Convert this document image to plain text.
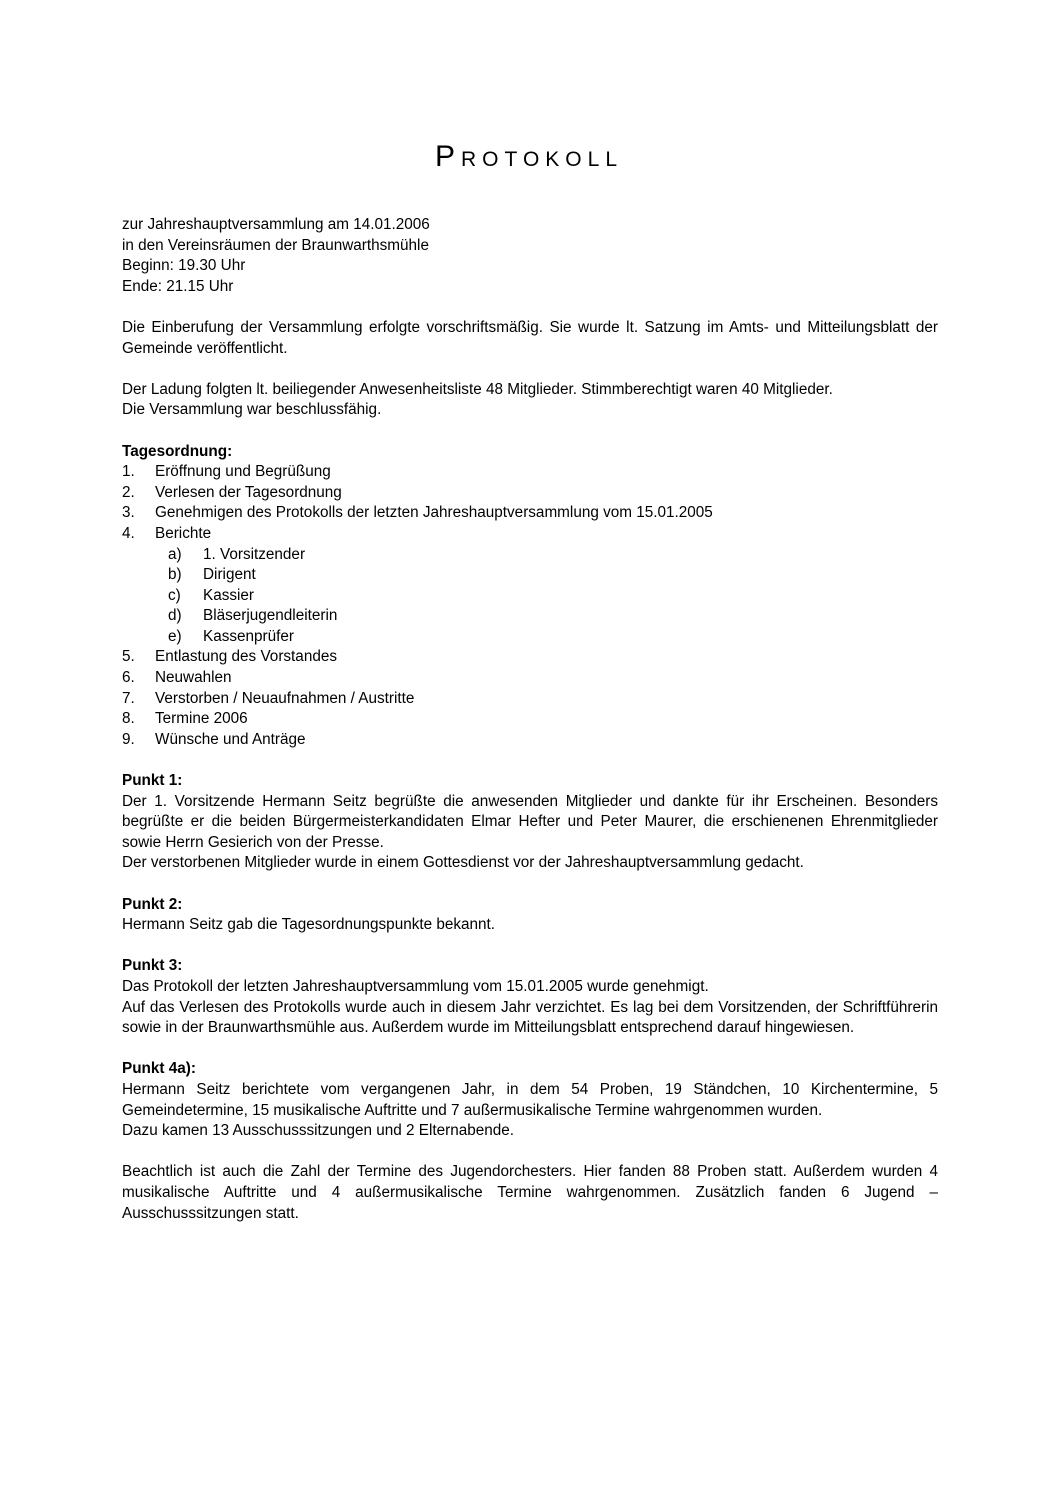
Protokoll

zur Jahreshauptversammlung am 14.01.2006

in den Vereinsräumen der Braunwarthsmühle

Beginn: 19.30 Uhr

Ende: 21.15 Uhr

Die Einberufung der Versammlung erfolgte vorschriftsmäßig. Sie wurde lt. Satzung im Amts- und Mitteilungsblatt der Gemeinde veröffentlicht.

Der Ladung folgten lt. beiliegender Anwesenheitsliste 48 Mitglieder. Stimmberechtigt waren 40 Mitglieder.

Die Versammlung war beschlussfähig.

Tagesordnung:
1.	Eröffnung und Begrüßung
2.	Verlesen der Tagesordnung
3.	Genehmigen des Protokolls der letzten Jahreshauptversammlung vom 15.01.2005
4.	Berichte
a)	1. Vorsitzender
b)	Dirigent
c)	Kassier
d)	Bläserjugendleiterin
e)	Kassenprüfer
5.	Entlastung des Vorstandes
6.	Neuwahlen
7.	Verstorben / Neuaufnahmen / Austritte
8.	Termine 2006
9.	Wünsche und Anträge
Punkt 1:

Der 1. Vorsitzende Hermann Seitz begrüßte die anwesenden Mitglieder und dankte für ihr Erscheinen. Besonders begrüßte er die beiden Bürgermeisterkandidaten Elmar Hefter und Peter Maurer, die erschienenen Ehrenmitglieder sowie Herrn Gesierich von der Presse.

Der verstorbenen Mitglieder wurde in einem Gottesdienst vor der Jahreshauptversammlung gedacht.

Punkt 2:

Hermann Seitz gab die Tagesordnungspunkte bekannt.

Punkt 3:

Das Protokoll der letzten Jahreshauptversammlung vom 15.01.2005 wurde genehmigt.

Auf das Verlesen des Protokolls wurde auch in diesem Jahr verzichtet. Es lag bei dem Vorsitzenden, der Schriftführerin sowie in der Braunwarthsmühle aus. Außerdem wurde im Mitteilungsblatt entsprechend darauf hingewiesen.

Punkt 4a):

Hermann Seitz berichtete vom vergangenen Jahr, in dem 54 Proben, 19 Ständchen, 10 Kirchentermine, 5 Gemeindetermine, 15 musikalische Auftritte und 7 außermusikalische Termine wahrgenommen wurden.

Dazu kamen 13 Ausschusssitzungen und 2 Elternabende.

Beachtlich ist auch die Zahl der Termine des Jugendorchesters. Hier fanden 88 Proben statt. Außerdem wurden 4 musikalische Auftritte und 4 außermusikalische Termine wahrgenommen. Zusätzlich fanden 6 Jugend – Ausschusssitzungen statt.
